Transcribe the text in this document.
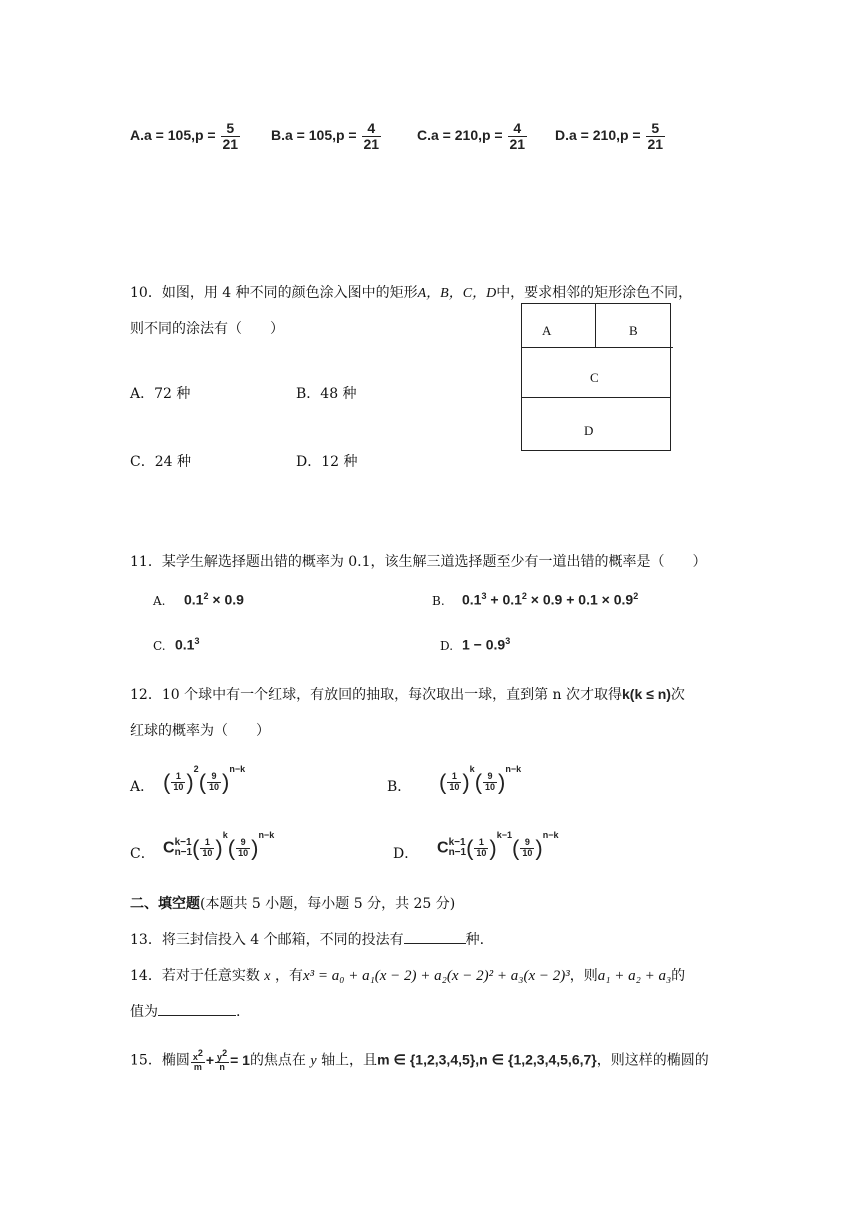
$A.a = 105,p = \frac{5}{21} B.a = 105,p = \frac{4}{21}$	$C.a = 210,p = \frac{4}{21} D.a = 210,p = \frac{5}{21}$
10．如图，用 4 种不同的颜色涂入图中的矩形A，B，C，D中，要求相邻的矩形涂色不同，
则不同的涂法有（　　）	A	B
C
D
A．72 种	B．48 种
C．24 种	D．12 种
11．某学生解选择题出错的概率为 0.1，该生解三道选择题至少有一道出错的概率是（　　）
A. $0.1^2 \times 0.9$	B. $0.1^3 + 0.1^2 \times 0.9 + 0.1 \times 0.9^2$
C. $0.1^3$	D. $1 - 0.9^3$
12．10 个球中有一个红球，有放回的抽取，每次取出一球，直到第 n 次才取得k(k ≤ n)次
红球的概率为（　　）
A． ( $\frac{1}{10} )^2( \frac{9}{10} )^{n-k}$
B． ( $\frac{1}{10} )^k( \frac{9}{10} )^{n-k}$
C． C k−1
n−1 ( $\frac{1}{10} )^k( \frac{9}{10} )^{n-k}$
D． C k−1
n−1 ( $\frac{1}{10} )^{k-1}( \frac{9}{10} )^{n-k}$
二、填空题(本题共 5 小题，每小题 5 分，共 25 分)
13．将三封信投入 4 个邮箱，不同的投法有	种.
14．若对于任意实数 x ，有x³ = a₀ + a₁(x − 2) + a₂(x − 2)² + a₃(x − 2)³，则a₁ + a₂ + a₃的
值为	.
15．椭圆 $\frac{x^2}{m} + \frac{y^2}{n} = 1$的焦点在 y 轴上，且m ∈ {1,2,3,4,5},n ∈ {1,2,3,4,5,6,7}，则这样的椭圆的
